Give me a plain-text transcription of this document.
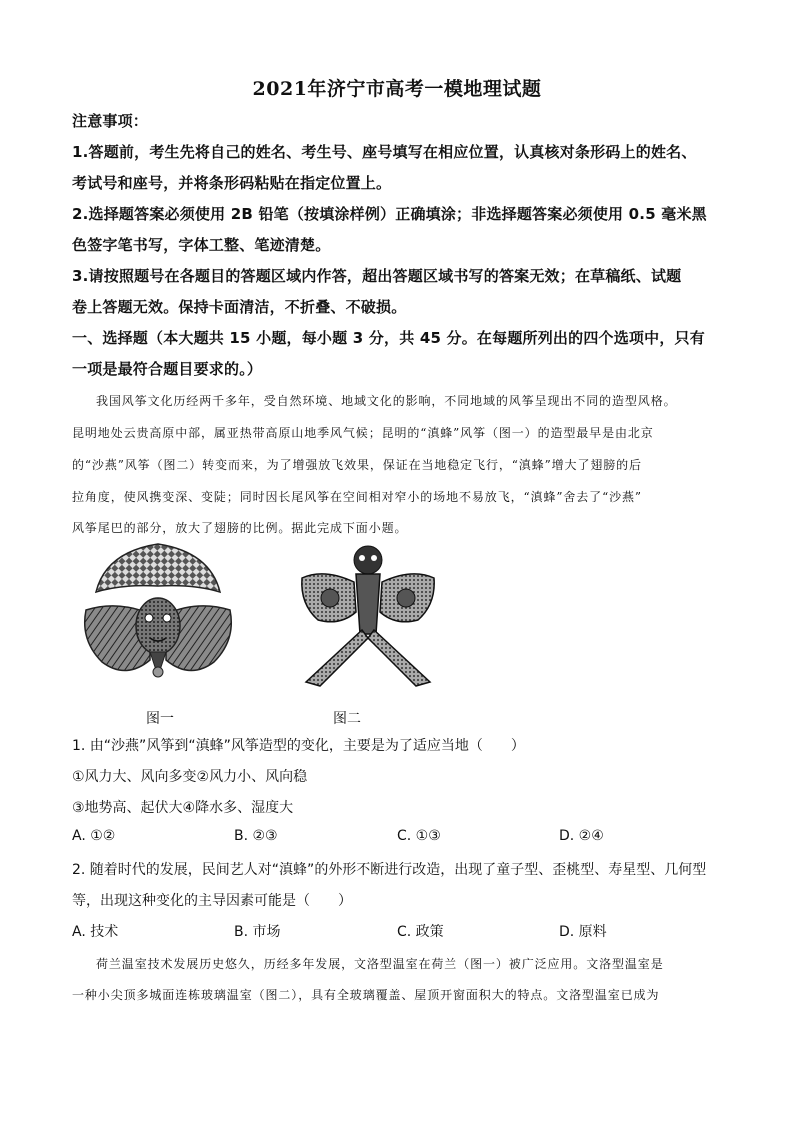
2021年济宁市高考一模地理试题
注意事项：
1.答题前，考生先将自己的姓名、考生号、座号填写在相应位置，认真核对条形码上的姓名、
考试号和座号，并将条形码粘贴在指定位置上。
2.选择题答案必须使用 2B 铅笔（按填涂样例）正确填涂；非选择题答案必须使用 0.5 毫米黑
色签字笔书写，字体工整、笔迹清楚。
3.请按照题号在各题目的答题区域内作答，超出答题区域书写的答案无效；在草稿纸、试题
卷上答题无效。保持卡面清洁，不折叠、不破损。
一、选择题（本大题共 15 小题，每小题 3 分，共 45 分。在每题所列出的四个选项中，只有
一项是最符合题目要求的。）
我国风筝文化历经两千多年，受自然环境、地域文化的影响，不同地域的风筝呈现出不同的造型风格。
昆明地处云贵高原中部，属亚热带高原山地季风气候；昆明的“滇蜂”风筝（图一）的造型最早是由北京
的“沙燕”风筝（图二）转变而来，为了增强放飞效果，保证在当地稳定飞行，“滇蜂”增大了翅膀的后
拉角度，使风携变深、变陡；同时因长尾风筝在空间相对窄小的场地不易放飞，“滇蜂”舍去了“沙燕”
风筝尾巴的部分，放大了翅膀的比例。据此完成下面小题。
图一	图二
1. 由“沙燕”风筝到“滇蜂”风筝造型的变化，主要是为了适应当地（　　）
①风力大、风向多变②风力小、风向稳
③地势高、起伏大④降水多、湿度大
A. ①②	B. ②③	C. ①③	D. ②④
2. 随着时代的发展，民间艺人对“滇蜂”的外形不断进行改造，出现了童子型、歪桃型、寿星型、几何型
等，出现这种变化的主导因素可能是（　　）
A. 技术	B. 市场	C. 政策	D. 原料
荷兰温室技术发展历史悠久，历经多年发展，文洛型温室在荷兰（图一）被广泛应用。文洛型温室是
一种小尖顶多城面连栋玻璃温室（图二），具有全玻璃覆盖、屋顶开窗面积大的特点。文洛型温室已成为
